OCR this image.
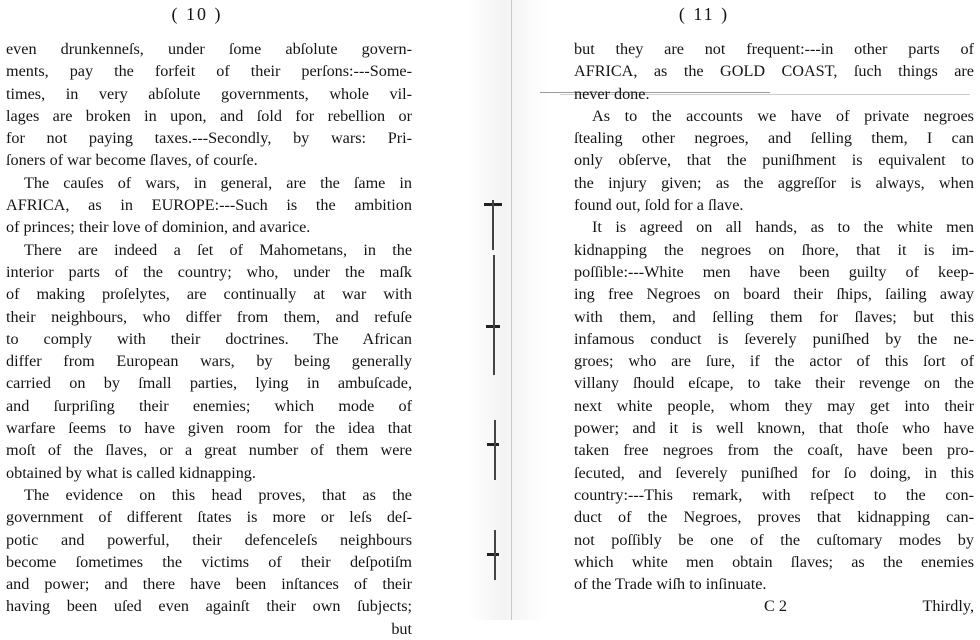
( 10 )
even drunkenneſs, under ſome abſolute govern-
ments, pay the forfeit of their perſons:---Some-
times, in very abſolute governments, whole vil-
lages are broken in upon, and ſold for rebellion or
for not paying taxes.---Secondly, by wars: Pri-
ſoners of war become ſlaves, of courſe.
The cauſes of wars, in general, are the ſame in
AFRICA, as in EUROPE:---Such is the ambition
of princes; their love of dominion, and avarice.
There are indeed a ſet of Mahometans, in the
interior parts of the country; who, under the maſk
of making proſelytes, are continually at war with
their neighbours, who differ from them, and refuſe
to comply with their doctrines. The African
differ from European wars, by being generally
carried on by ſmall parties, lying in ambuſcade,
and ſurpriſing their enemies; which mode of
warfare ſeems to have given room for the idea that
moſt of the ſlaves, or a great number of them were
obtained by what is called kidnapping.
The evidence on this head proves, that as the
government of different ſtates is more or leſs deſ-
potic and powerful, their defenceleſs neighbours
become ſometimes the victims of their deſpotiſm
and power; and there have been inſtances of their
having been uſed even againſt their own ſubjects;
but
( 11 )
but they are not frequent:---in other parts of
AFRICA, as the GOLD COAST, ſuch things are
never done.
As to the accounts we have of private negroes
ſtealing other negroes, and ſelling them, I can
only obſerve, that the puniſhment is equivalent to
the injury given; as the aggreſſor is always, when
found out, ſold for a ſlave.
It is agreed on all hands, as to the white men
kidnapping the negroes on ſhore, that it is im-
poſſible:---White men have been guilty of keep-
ing free Negroes on board their ſhips, ſailing away
with them, and ſelling them for ſlaves; but this
infamous conduct is ſeverely puniſhed by the ne-
groes; who are ſure, if the actor of this ſort of
villany ſhould eſcape, to take their revenge on the
next white people, whom they may get into their
power; and it is well known, that thoſe who have
taken free negroes from the coaſt, have been pro-
ſecuted, and ſeverely puniſhed for ſo doing, in this
country:---This remark, with reſpect to the con-
duct of the Negroes, proves that kidnapping can-
not poſſibly be one of the cuſtomary modes by
which white men obtain ſlaves; as the enemies
of the Trade wiſh to inſinuate.
C 2	Thirdly,
